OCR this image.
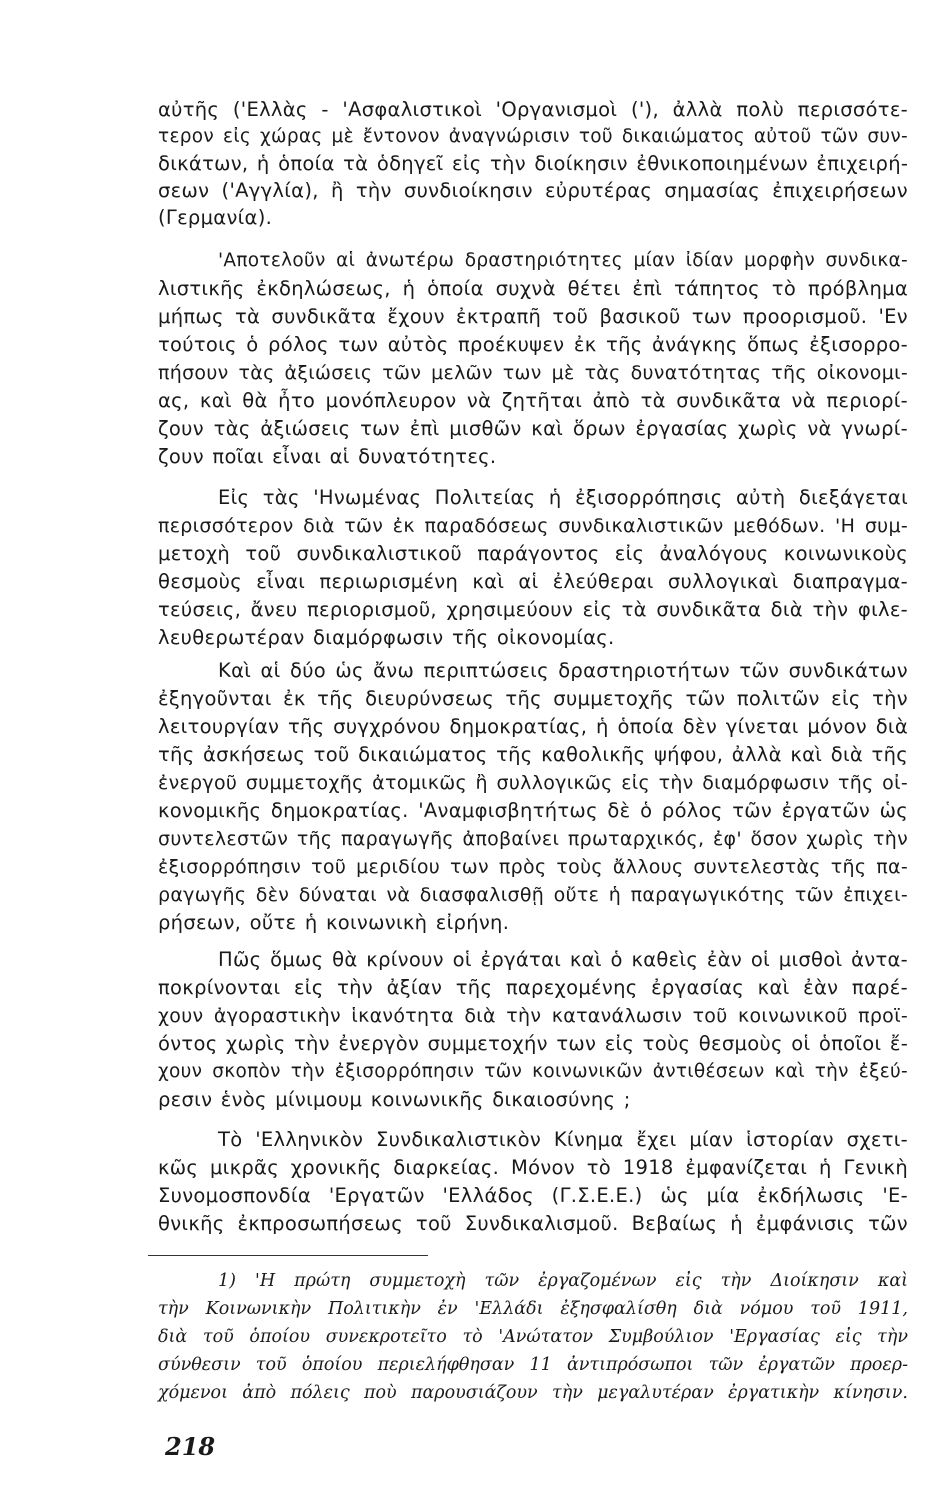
αὐτῆς ('Ελλὰς - 'Ασφαλιστικοὶ 'Οργανισμοὶ ('), ἀλλὰ πολὺ περισσότε-
τερον εἰς χώρας μὲ ἔντονον ἀναγνώρισιν τοῦ δικαιώματος αὐτοῦ τῶν συν-
δικάτων, ἡ ὁποία τὰ ὁδηγεῖ εἰς τὴν διοίκησιν ἐθνικοποιημένων ἐπιχειρή-
σεων ('Αγγλία), ἢ τὴν συνδιοίκησιν εὐρυτέρας σημασίας ἐπιχειρήσεων
(Γερμανία).
'Αποτελοῦν αἱ ἀνωτέρω δραστηριότητες μίαν ἰδίαν μορφὴν συνδικα-
λιστικῆς ἐκδηλώσεως, ἡ ὁποία συχνὰ θέτει ἐπὶ τάπητος τὸ πρόβλημα
μήπως τὰ συνδικᾶτα ἔχουν ἐκτραπῆ τοῦ βασικοῦ των προορισμοῦ. 'Εν
τούτοις ὁ ρόλος των αὐτὸς προέκυψεν ἐκ τῆς ἀνάγκης ὅπως ἐξισορρο-
πήσουν τὰς ἀξιώσεις τῶν μελῶν των μὲ τὰς δυνατότητας τῆς οἰκονομι-
ας, καὶ θὰ ἦτο μονόπλευρον νὰ ζητῆται ἀπὸ τὰ συνδικᾶτα νὰ περιορί-
ζουν τὰς ἀξιώσεις των ἐπὶ μισθῶν καὶ ὅρων ἐργασίας χωρὶς νὰ γνωρί-
ζουν ποῖαι εἶναι αἱ δυνατότητες.
Εἰς τὰς 'Ηνωμένας Πολιτείας ἡ ἐξισορρόπησις αὐτὴ διεξάγεται
περισσότερον διὰ τῶν ἐκ παραδόσεως συνδικαλιστικῶν μεθόδων. 'Η συμ-
μετοχὴ τοῦ συνδικαλιστικοῦ παράγοντος εἰς ἀναλόγους κοινωνικοὺς
θεσμοὺς εἶναι περιωρισμένη καὶ αἱ ἐλεύθεραι συλλογικαὶ διαπραγμα-
τεύσεις, ἄνευ περιορισμοῦ, χρησιμεύουν εἰς τὰ συνδικᾶτα διὰ τὴν φιλε-
λευθερωτέραν διαμόρφωσιν τῆς οἰκονομίας.
Καὶ αἱ δύο ὡς ἄνω περιπτώσεις δραστηριοτήτων τῶν συνδικάτων
ἐξηγοῦνται ἐκ τῆς διευρύνσεως τῆς συμμετοχῆς τῶν πολιτῶν εἰς τὴν
λειτουργίαν τῆς συγχρόνου δημοκρατίας, ἡ ὁποία δὲν γίνεται μόνον διὰ
τῆς ἀσκήσεως τοῦ δικαιώματος τῆς καθολικῆς ψήφου, ἀλλὰ καὶ διὰ τῆς
ἐνεργοῦ συμμετοχῆς ἀτομικῶς ἢ συλλογικῶς εἰς τὴν διαμόρφωσιν τῆς οἰ-
κονομικῆς δημοκρατίας. 'Αναμφισβητήτως δὲ ὁ ρόλος τῶν ἐργατῶν ὡς
συντελεστῶν τῆς παραγωγῆς ἀποβαίνει πρωταρχικός, ἐφ' ὅσον χωρὶς τὴν
ἐξισορρόπησιν τοῦ μεριδίου των πρὸς τοὺς ἄλλους συντελεστὰς τῆς πα-
ραγωγῆς δὲν δύναται νὰ διασφαλισθῇ οὔτε ἡ παραγωγικότης τῶν ἐπιχει-
ρήσεων, οὔτε ἡ κοινωνικὴ εἰρήνη.
Πῶς ὅμως θὰ κρίνουν οἱ ἐργάται καὶ ὁ καθεὶς ἐὰν οἱ μισθοὶ ἀντα-
ποκρίνονται εἰς τὴν ἀξίαν τῆς παρεχομένης ἐργασίας καὶ ἐὰν παρέ-
χουν ἀγοραστικὴν ἱκανότητα διὰ τὴν κατανάλωσιν τοῦ κοινωνικοῦ προϊ-
όντος χωρὶς τὴν ἐνεργὸν συμμετοχήν των εἰς τοὺς θεσμοὺς οἱ ὁποῖοι ἔ-
χουν σκοπὸν τὴν ἐξισορρόπησιν τῶν κοινωνικῶν ἀντιθέσεων καὶ τὴν ἐξεύ-
ρεσιν ἑνὸς μίνιμουμ κοινωνικῆς δικαιοσύνης ;
Τὸ 'Ελληνικὸν Συνδικαλιστικὸν Κίνημα ἔχει μίαν ἱστορίαν σχετι-
κῶς μικρᾶς χρονικῆς διαρκείας. Μόνον τὸ 1918 ἐμφανίζεται ἡ Γενικὴ
Συνομοσπονδία 'Εργατῶν 'Ελλάδος (Γ.Σ.Ε.Ε.) ὡς μία ἐκδήλωσις 'Ε-
θνικῆς ἐκπροσωπήσεως τοῦ Συνδικαλισμοῦ. Βεβαίως ἡ ἐμφάνισις τῶν
1) 'Η πρώτη συμμετοχὴ τῶν ἐργαζομένων εἰς τὴν Διοίκησιν καὶ
τὴν Κοινωνικὴν Πολιτικὴν ἐν 'Ελλάδι ἐξησφαλίσθη διὰ νόμου τοῦ 1911,
διὰ τοῦ ὁποίου συνεκροτεῖτο τὸ 'Ανώτατον Συμβούλιον 'Εργασίας εἰς τὴν
σύνθεσιν τοῦ ὁποίου περιελήφθησαν 11 ἀντιπρόσωποι τῶν ἐργατῶν προερ-
χόμενοι ἀπὸ πόλεις ποὺ παρουσιάζουν τὴν μεγαλυτέραν ἐργατικὴν κίνησιν.
218
